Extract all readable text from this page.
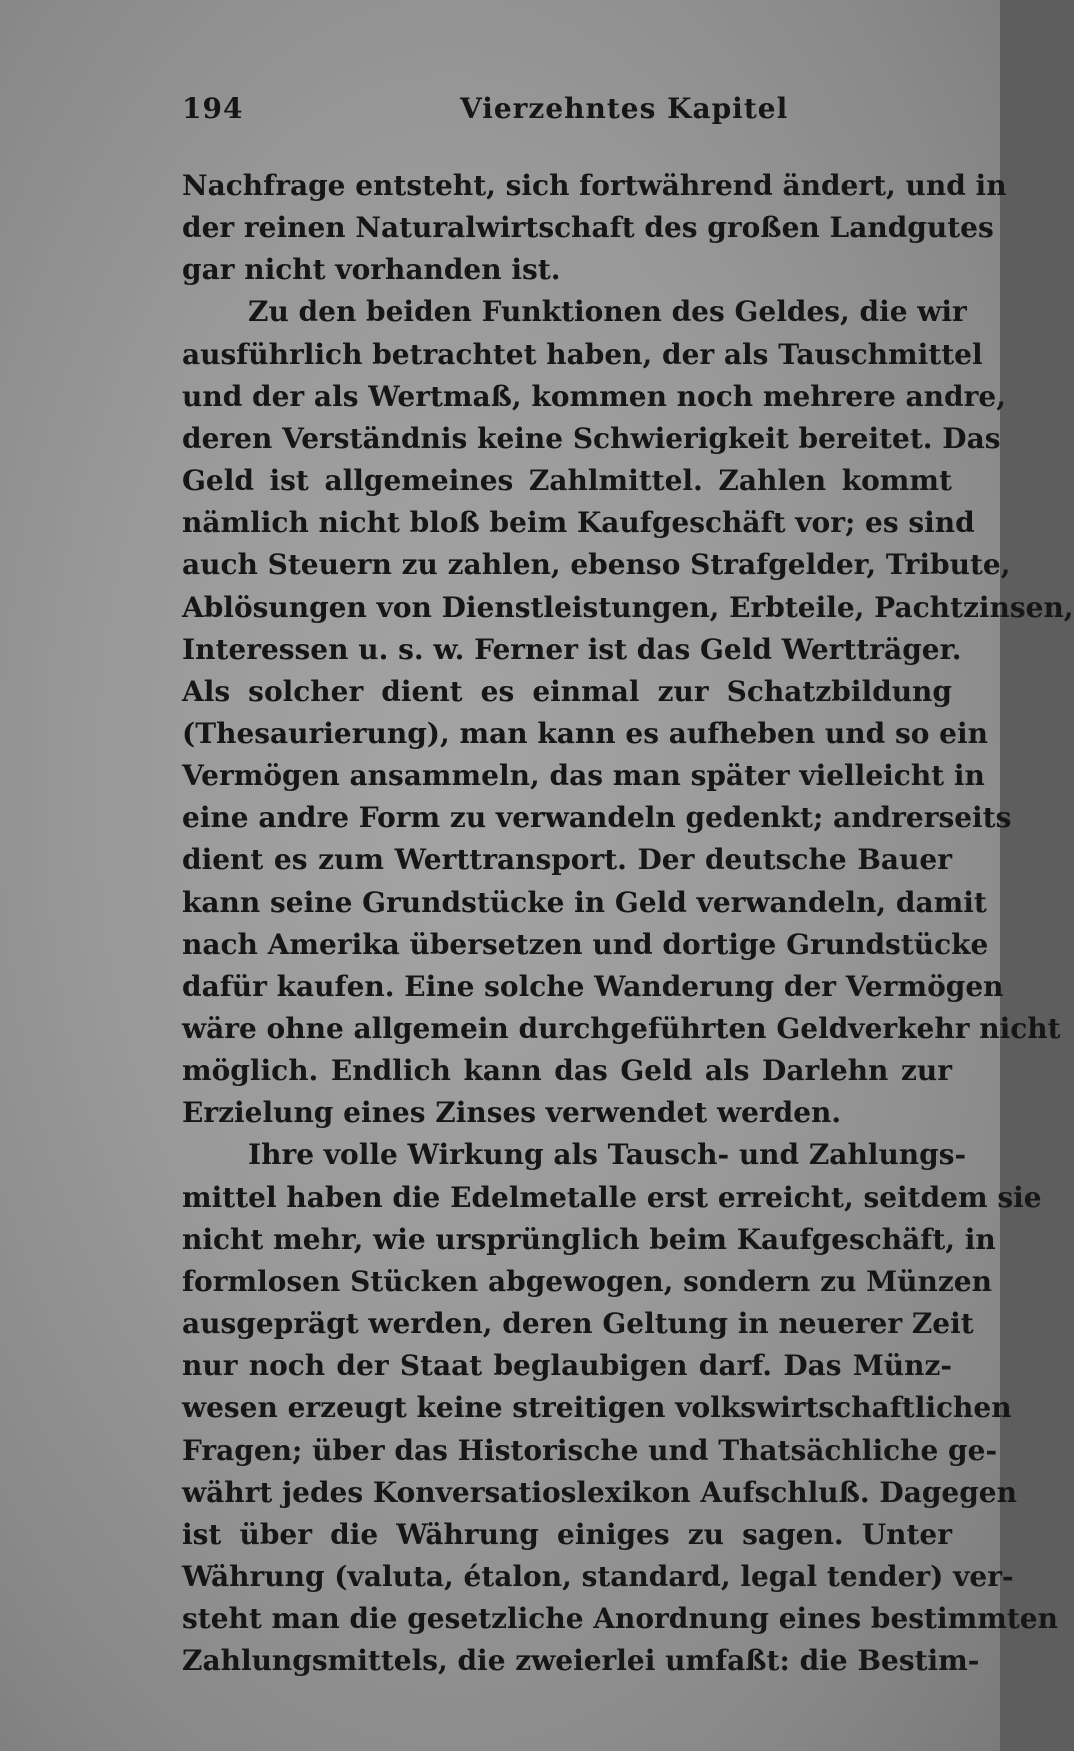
194	Vierzehntes Kapitel
Nachfrage entsteht, sich fortwährend ändert, und in
der reinen Naturalwirtschaft des großen Landgutes
gar nicht vorhanden ist.
Zu den beiden Funktionen des Geldes, die wir
ausführlich betrachtet haben, der als Tauschmittel
und der als Wertmaß, kommen noch mehrere andre,
deren Verständnis keine Schwierigkeit bereitet. Das
Geld ist allgemeines Zahlmittel. Zahlen kommt
nämlich nicht bloß beim Kaufgeschäft vor; es sind
auch Steuern zu zahlen, ebenso Strafgelder, Tribute,
Ablösungen von Dienstleistungen, Erbteile, Pachtzinsen,
Interessen u. s. w. Ferner ist das Geld Wertträger.
Als solcher dient es einmal zur Schatzbildung
(Thesaurierung), man kann es aufheben und so ein
Vermögen ansammeln, das man später vielleicht in
eine andre Form zu verwandeln gedenkt; andrerseits
dient es zum Werttransport. Der deutsche Bauer
kann seine Grundstücke in Geld verwandeln, damit
nach Amerika übersetzen und dortige Grundstücke
dafür kaufen. Eine solche Wanderung der Vermögen
wäre ohne allgemein durchgeführten Geldverkehr nicht
möglich. Endlich kann das Geld als Darlehn zur
Erzielung eines Zinses verwendet werden.
Ihre volle Wirkung als Tausch- und Zahlungs-
mittel haben die Edelmetalle erst erreicht, seitdem sie
nicht mehr, wie ursprünglich beim Kaufgeschäft, in
formlosen Stücken abgewogen, sondern zu Münzen
ausgeprägt werden, deren Geltung in neuerer Zeit
nur noch der Staat beglaubigen darf. Das Münz-
wesen erzeugt keine streitigen volkswirtschaftlichen
Fragen; über das Historische und Thatsächliche ge-
währt jedes Konversatioslexikon Aufschluß. Dagegen
ist über die Währung einiges zu sagen. Unter
Währung (valuta, étalon, standard, legal tender) ver-
steht man die gesetzliche Anordnung eines bestimmten
Zahlungsmittels, die zweierlei umfaßt: die Bestim-
